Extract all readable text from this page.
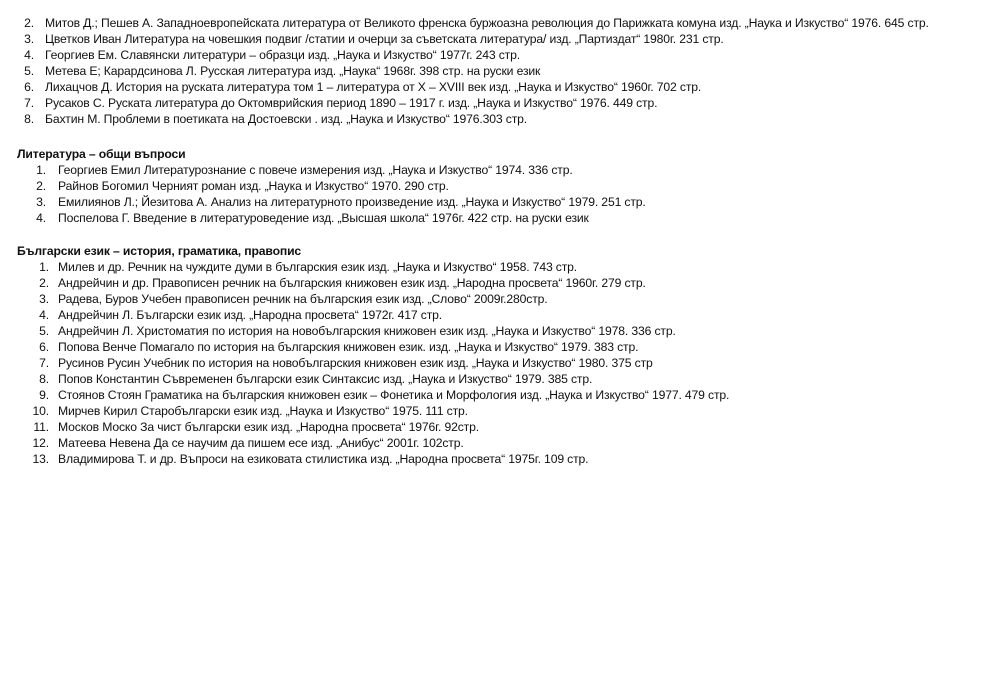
2. Митов Д.; Пешев А. Западноевропейската литература от Великото френска буржоазна революция до Парижката комуна изд. „Наука и Изкуство“ 1976. 645 стр.
3. Цветков Иван Литература на човешкия подвиг /статии и очерци за съветската литература/ изд. „Партиздат“ 1980г. 231 стр.
4. Георгиев Ем. Славянски литератури – образци изд. „Наука и Изкуство“ 1977г. 243 стр.
5. Метева Е; Карардсинова Л. Русская литература изд. „Наука“ 1968г. 398 стр. на руски език
6. Лихацчов Д. История на руската литература том 1 – литература от Х – XVIII век изд. „Наука и Изкуство“ 1960г. 702 стр.
7. Русаков С. Руската литература до Октомврийския период 1890 – 1917 г. изд. „Наука и Изкуство“ 1976. 449 стр.
8. Бахтин М. Проблеми в поетиката на Достоевски . изд. „Наука и Изкуство“ 1976.303 стр.
Литература – общи въпроси
1. Георгиев Емил Литературознание с повече измерения изд. „Наука и Изкуство“ 1974. 336 стр.
2. Райнов Богомил Черният роман изд. „Наука и Изкуство“ 1970. 290 стр.
3. Емилиянов Л.; Йезитова А. Анализ на литературното произведение изд. „Наука и Изкуство“ 1979. 251 стр.
4. Поспелова Г. Введение в литературоведение изд. „Высшая школа“ 1976г. 422 стр. на руски език
Български език – история, граматика, правопис
1. Милев и др. Речник на чуждите думи в българския език изд. „Наука и Изкуство“ 1958. 743 стр.
2. Андрейчин и др. Правописен речник на българския книжовен език изд. „Народна просвета“ 1960г. 279 стр.
3. Радева, Буров Учебен правописен речник на българския език изд. „Слово“ 2009г.280стр.
4. Андрейчин Л. Български език изд. „Народна просвета“ 1972г. 417 стр.
5. Андрейчин Л. Христоматия по история на новобългарския книжовен език изд. „Наука и Изкуство“ 1978. 336 стр.
6. Попова Венче Помагало по история на българския книжовен език. изд. „Наука и Изкуство“ 1979. 383 стр.
7. Русинов Русин Учебник по история на новобългарския книжовен език изд. „Наука и Изкуство“ 1980. 375 стр
8. Попов Константин Съвременен български език Синтаксис изд. „Наука и Изкуство“ 1979. 385 стр.
9. Стоянов Стоян Граматика на българския книжовен език – Фонетика и Морфология изд. „Наука и Изкуство“ 1977. 479 стр.
10. Мирчев Кирил Старобългарски език изд. „Наука и Изкуство“ 1975. 111 стр.
11. Москов Моско За чист български език изд. „Народна просвета“ 1976г. 92стр.
12. Матеева Невена Да се научим да пишем есе изд. „Анибус“ 2001г. 102стр.
13. Владимирова Т. и др. Въпроси на езиковата стилистика изд. „Народна просвета“ 1975г. 109 стр.
